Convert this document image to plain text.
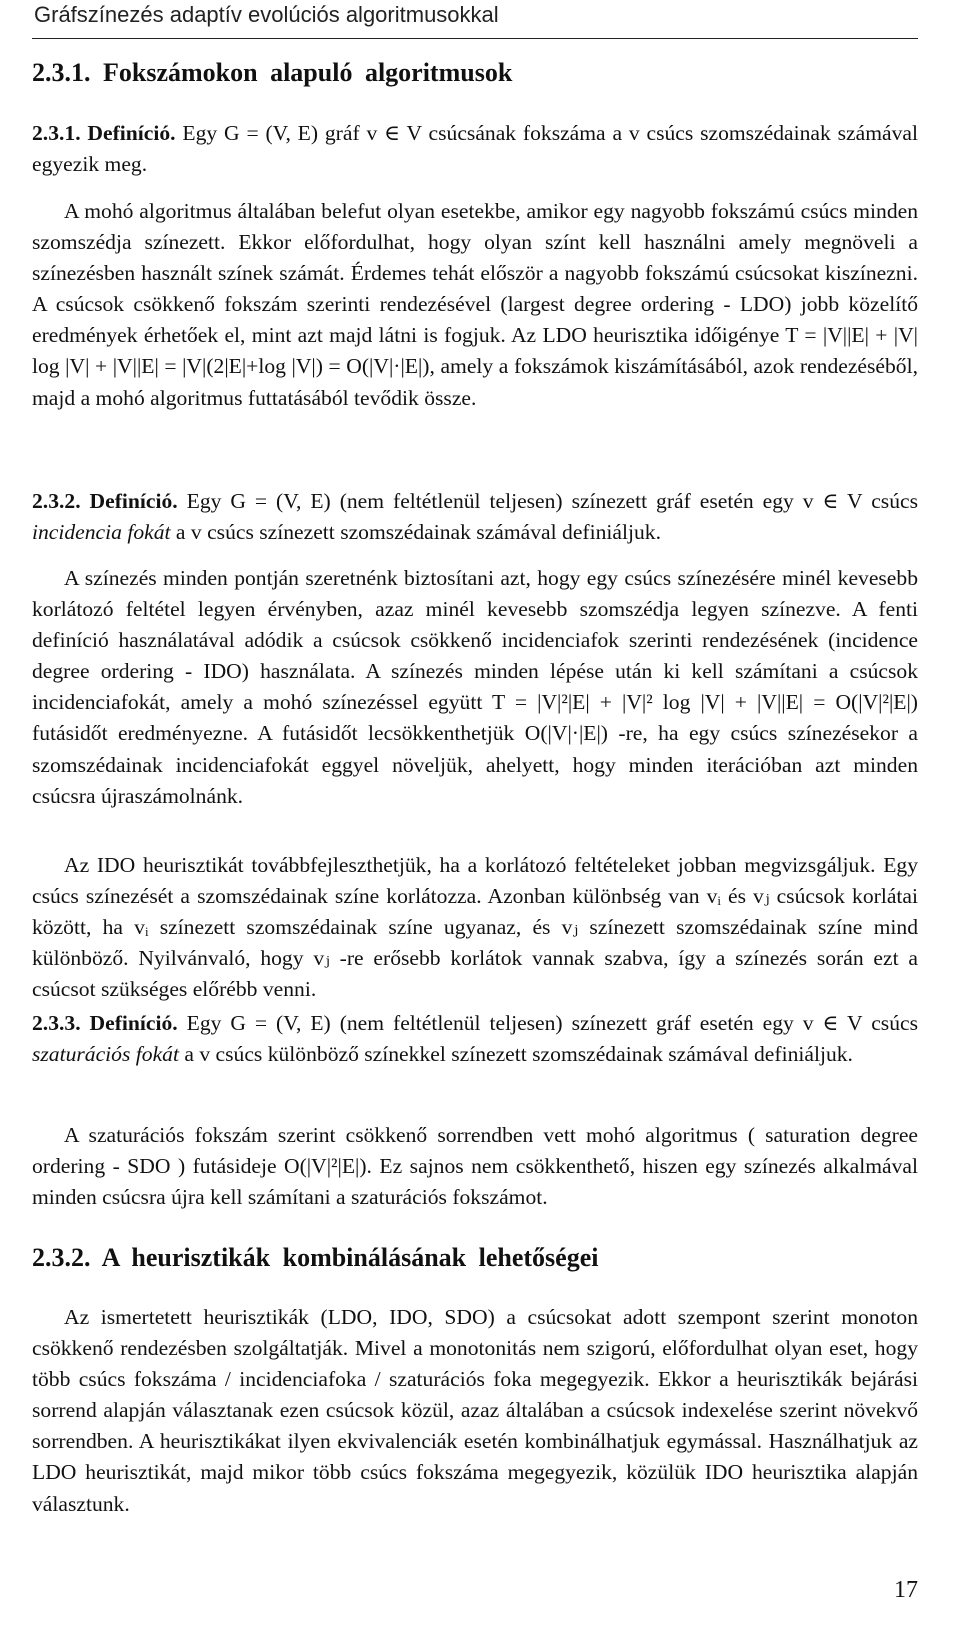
Gráfszínezés adaptív evolúciós algoritmusokkal
2.3.1. Fokszámokon alapuló algoritmusok

2.3.1. Definíció. Egy G = (V, E) gráf v ∈ V csúcsának fokszáma a v csúcs szomszédainak számával egyezik meg.

A mohó algoritmus általában belefut olyan esetekbe, amikor egy nagyobb fokszámú csúcs minden szomszédja színezett. Ekkor előfordulhat, hogy olyan színt kell használni amely megnöveli a színezésben használt színek számát. Érdemes tehát először a nagyobb fokszámú csúcsokat kiszínezni. A csúcsok csökkenő fokszám szerinti rendezésével (largest degree ordering - LDO) jobb közelítő eredmények érhetőek el, mint azt majd látni is fogjuk. Az LDO heurisztika időigénye T = |V||E| + |V| log |V| + |V||E| = |V|(2|E|+log |V|) = O(|V|·|E|), amely a fokszámok kiszámításából, azok rendezéséből, majd a mohó algoritmus futtatásából tevődik össze.

2.3.2. Definíció. Egy G = (V, E) (nem feltétlenül teljesen) színezett gráf esetén egy v ∈ V csúcs incidencia fokát a v csúcs színezett szomszédainak számával definiáljuk.

A színezés minden pontján szeretnénk biztosítani azt, hogy egy csúcs színezésére minél kevesebb korlátozó feltétel legyen érvényben, azaz minél kevesebb szomszédja legyen színezve. A fenti definíció használatával adódik a csúcsok csökkenő incidenciafok szerinti rendezésének (incidence degree ordering - IDO) használata. A színezés minden lépése után ki kell számítani a csúcsok incidenciafokát, amely a mohó színezéssel együtt T = |V|²|E| + |V|² log |V| + |V||E| = O(|V|²|E|) futásidőt eredményezne. A futásidőt lecsökkenthetjük O(|V|·|E|) -re, ha egy csúcs színezésekor a szomszédainak incidenciafokát eggyel növeljük, ahelyett, hogy minden iterációban azt minden csúcsra újraszámolnánk.

Az IDO heurisztikát továbbfejleszthetjük, ha a korlátozó feltételeket jobban megvizsgáljuk. Egy csúcs színezését a szomszédainak színe korlátozza. Azonban különbség van vᵢ és vⱼ csúcsok korlátai között, ha vᵢ színezett szomszédainak színe ugyanaz, és vⱼ színezett szomszédainak színe mind különböző. Nyilvánvaló, hogy vⱼ -re erősebb korlátok vannak szabva, így a színezés során ezt a csúcsot szükséges előrébb venni.

2.3.3. Definíció. Egy G = (V, E) (nem feltétlenül teljesen) színezett gráf esetén egy v ∈ V csúcs szaturációs fokát a v csúcs különböző színekkel színezett szomszédainak számával definiáljuk.

A szaturációs fokszám szerint csökkenő sorrendben vett mohó algoritmus ( saturation degree ordering - SDO ) futásideje O(|V|²|E|). Ez sajnos nem csökkenthető, hiszen egy színezés alkalmával minden csúcsra újra kell számítani a szaturációs fokszámot.

2.3.2. A heurisztikák kombinálásának lehetőségei

Az ismertetett heurisztikák (LDO, IDO, SDO) a csúcsokat adott szempont szerint monoton csökkenő rendezésben szolgáltatják. Mivel a monotonitás nem szigorú, előfordulhat olyan eset, hogy több csúcs fokszáma / incidenciafoka / szaturációs foka megegyezik. Ekkor a heurisztikák bejárási sorrend alapján választanak ezen csúcsok közül, azaz általában a csúcsok indexelése szerint növekvő sorrendben. A heurisztikákat ilyen ekvivalenciák esetén kombinálhatjuk egymással. Használhatjuk az LDO heurisztikát, majd mikor több csúcs fokszáma megegyezik, közülük IDO heurisztika alapján választunk.

17
